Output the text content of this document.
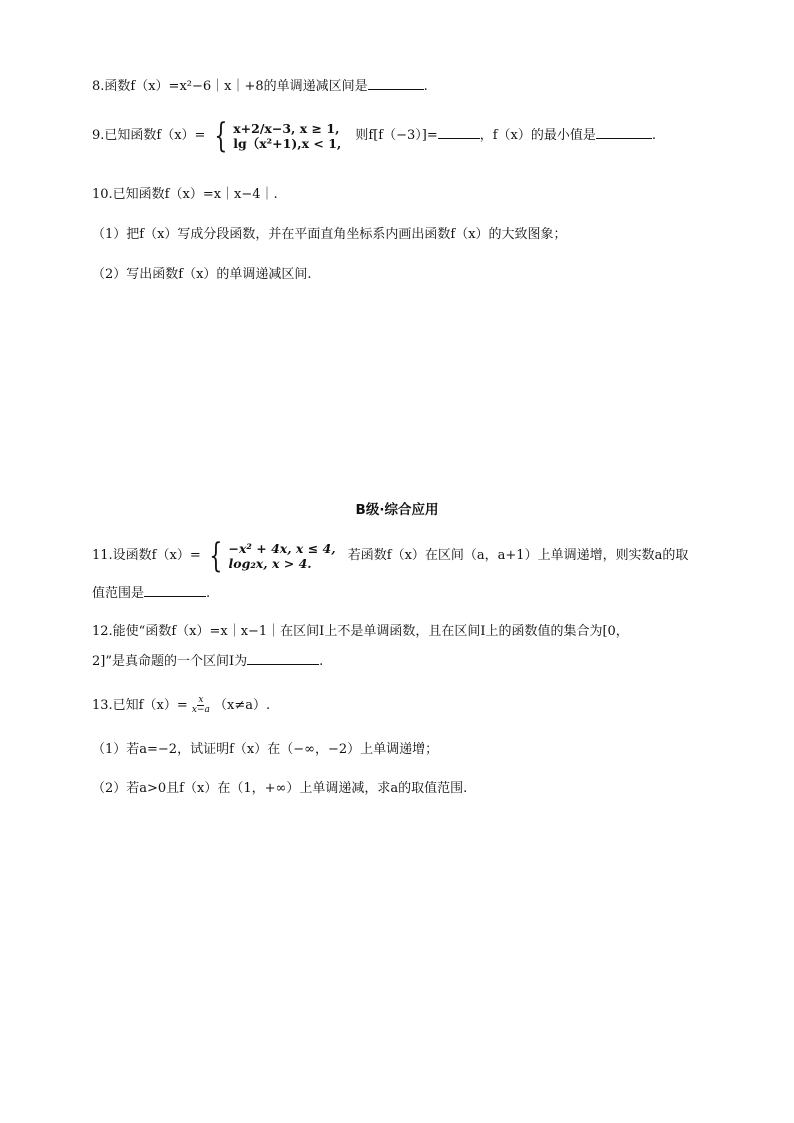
8.函数f（x）=x²−6｜x｜+8的单调递减区间是	.
9.已知函数f（x）= { x+2/x−3, x ≥ 1,
lg（x²+1),x < 1, 则f[f（−3）]=	，f（x）的最小值是	.
10.已知函数f（x）=x｜x−4｜.
（1）把f（x）写成分段函数，并在平面直角坐标系内画出函数f（x）的大致图象；
（2）写出函数f（x）的单调递减区间.
B级·综合应用
11.设函数f（x）= { −x² + 4x, x ≤ 4,
log₂x, x > 4.	若函数f（x）在区间（a，a+1）上单调递增，则实数a的取
值范围是	.
12.能使“函数f（x）=x｜x−1｜在区间I上不是单调函数，且在区间I上的函数值的集合为[0，
2]”是真命题的一个区间I为	.
13.已知$f(x)= \frac{x}{x-a} (x\ne a)$.
（1）若a=−2，试证明f（x）在（−∞，−2）上单调递增；
（2）若a>0且f（x）在（1，+∞）上单调递减，求a的取值范围.
